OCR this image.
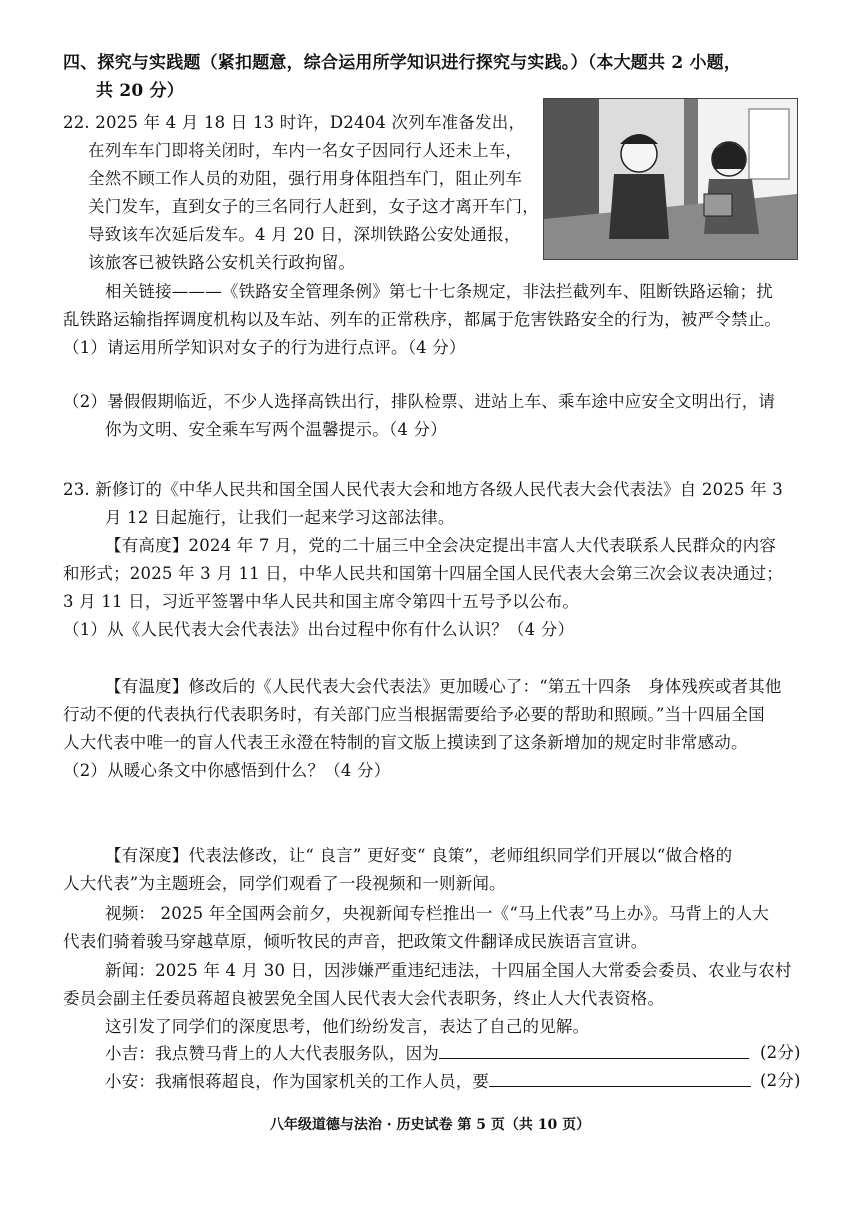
四、探究与实践题（紧扣题意，综合运用所学知识进行探究与实践。）（本大题共 2 小题，
共 20 分）
22. 2025 年 4 月 18 日 13 时许，D2404 次列车准备发出，
在列车车门即将关闭时，车内一名女子因同行人还未上车，
全然不顾工作人员的劝阻，强行用身体阻挡车门，阻止列车
关门发车，直到女子的三名同行人赶到，女子这才离开车门，
导致该车次延后发车。4 月 20 日，深圳铁路公安处通报，
该旅客已被铁路公安机关行政拘留。
相关链接———《铁路安全管理条例》第七十七条规定，非法拦截列车、阻断铁路运输；扰
乱铁路运输指挥调度机构以及车站、列车的正常秩序，都属于危害铁路安全的行为，被严令禁止。
（1）请运用所学知识对女子的行为进行点评。（4 分）
（2）暑假假期临近，不少人选择高铁出行，排队检票、进站上车、乘车途中应安全文明出行，请
你为文明、安全乘车写两个温馨提示。（4 分）
23. 新修订的《中华人民共和国全国人民代表大会和地方各级人民代表大会代表法》自 2025 年 3
月 12 日起施行，让我们一起来学习这部法律。
【有高度】2024 年 7 月，党的二十届三中全会决定提出丰富人大代表联系人民群众的内容
和形式；2025 年 3 月 11 日，中华人民共和国第十四届全国人民代表大会第三次会议表决通过；
3 月 11 日，习近平签署中华人民共和国主席令第四十五号予以公布。
（1）从《人民代表大会代表法》出台过程中你有什么认识？（4 分）
【有温度】修改后的《人民代表大会代表法》更加暖心了：“第五十四条　身体残疾或者其他
行动不便的代表执行代表职务时，有关部门应当根据需要给予必要的帮助和照顾。”当十四届全国
人大代表中唯一的盲人代表王永澄在特制的盲文版上摸读到了这条新增加的规定时非常感动。
（2）从暖心条文中你感悟到什么？（4 分）
【有深度】代表法修改，让“ 良言” 更好变“ 良策”，老师组织同学们开展以“做合格的
人大代表”为主题班会，同学们观看了一段视频和一则新闻。
视频： 2025 年全国两会前夕，央视新闻专栏推出一《“马上代表”马上办》。马背上的人大
代表们骑着骏马穿越草原，倾听牧民的声音，把政策文件翻译成民族语言宣讲。
新闻：2025 年 4 月 30 日，因涉嫌严重违纪违法，十四届全国人大常委会委员、农业与农村
委员会副主任委员蒋超良被罢免全国人民代表大会代表职务，终止人大代表资格。
这引发了同学们的深度思考，他们纷纷发言，表达了自己的见解。
小吉：我点赞马背上的人大代表服务队，因为	(2分)
小安：我痛恨蒋超良，作为国家机关的工作人员，要	(2分)
八年级道德与法治 · 历史试卷 第 5 页（共 10 页）
